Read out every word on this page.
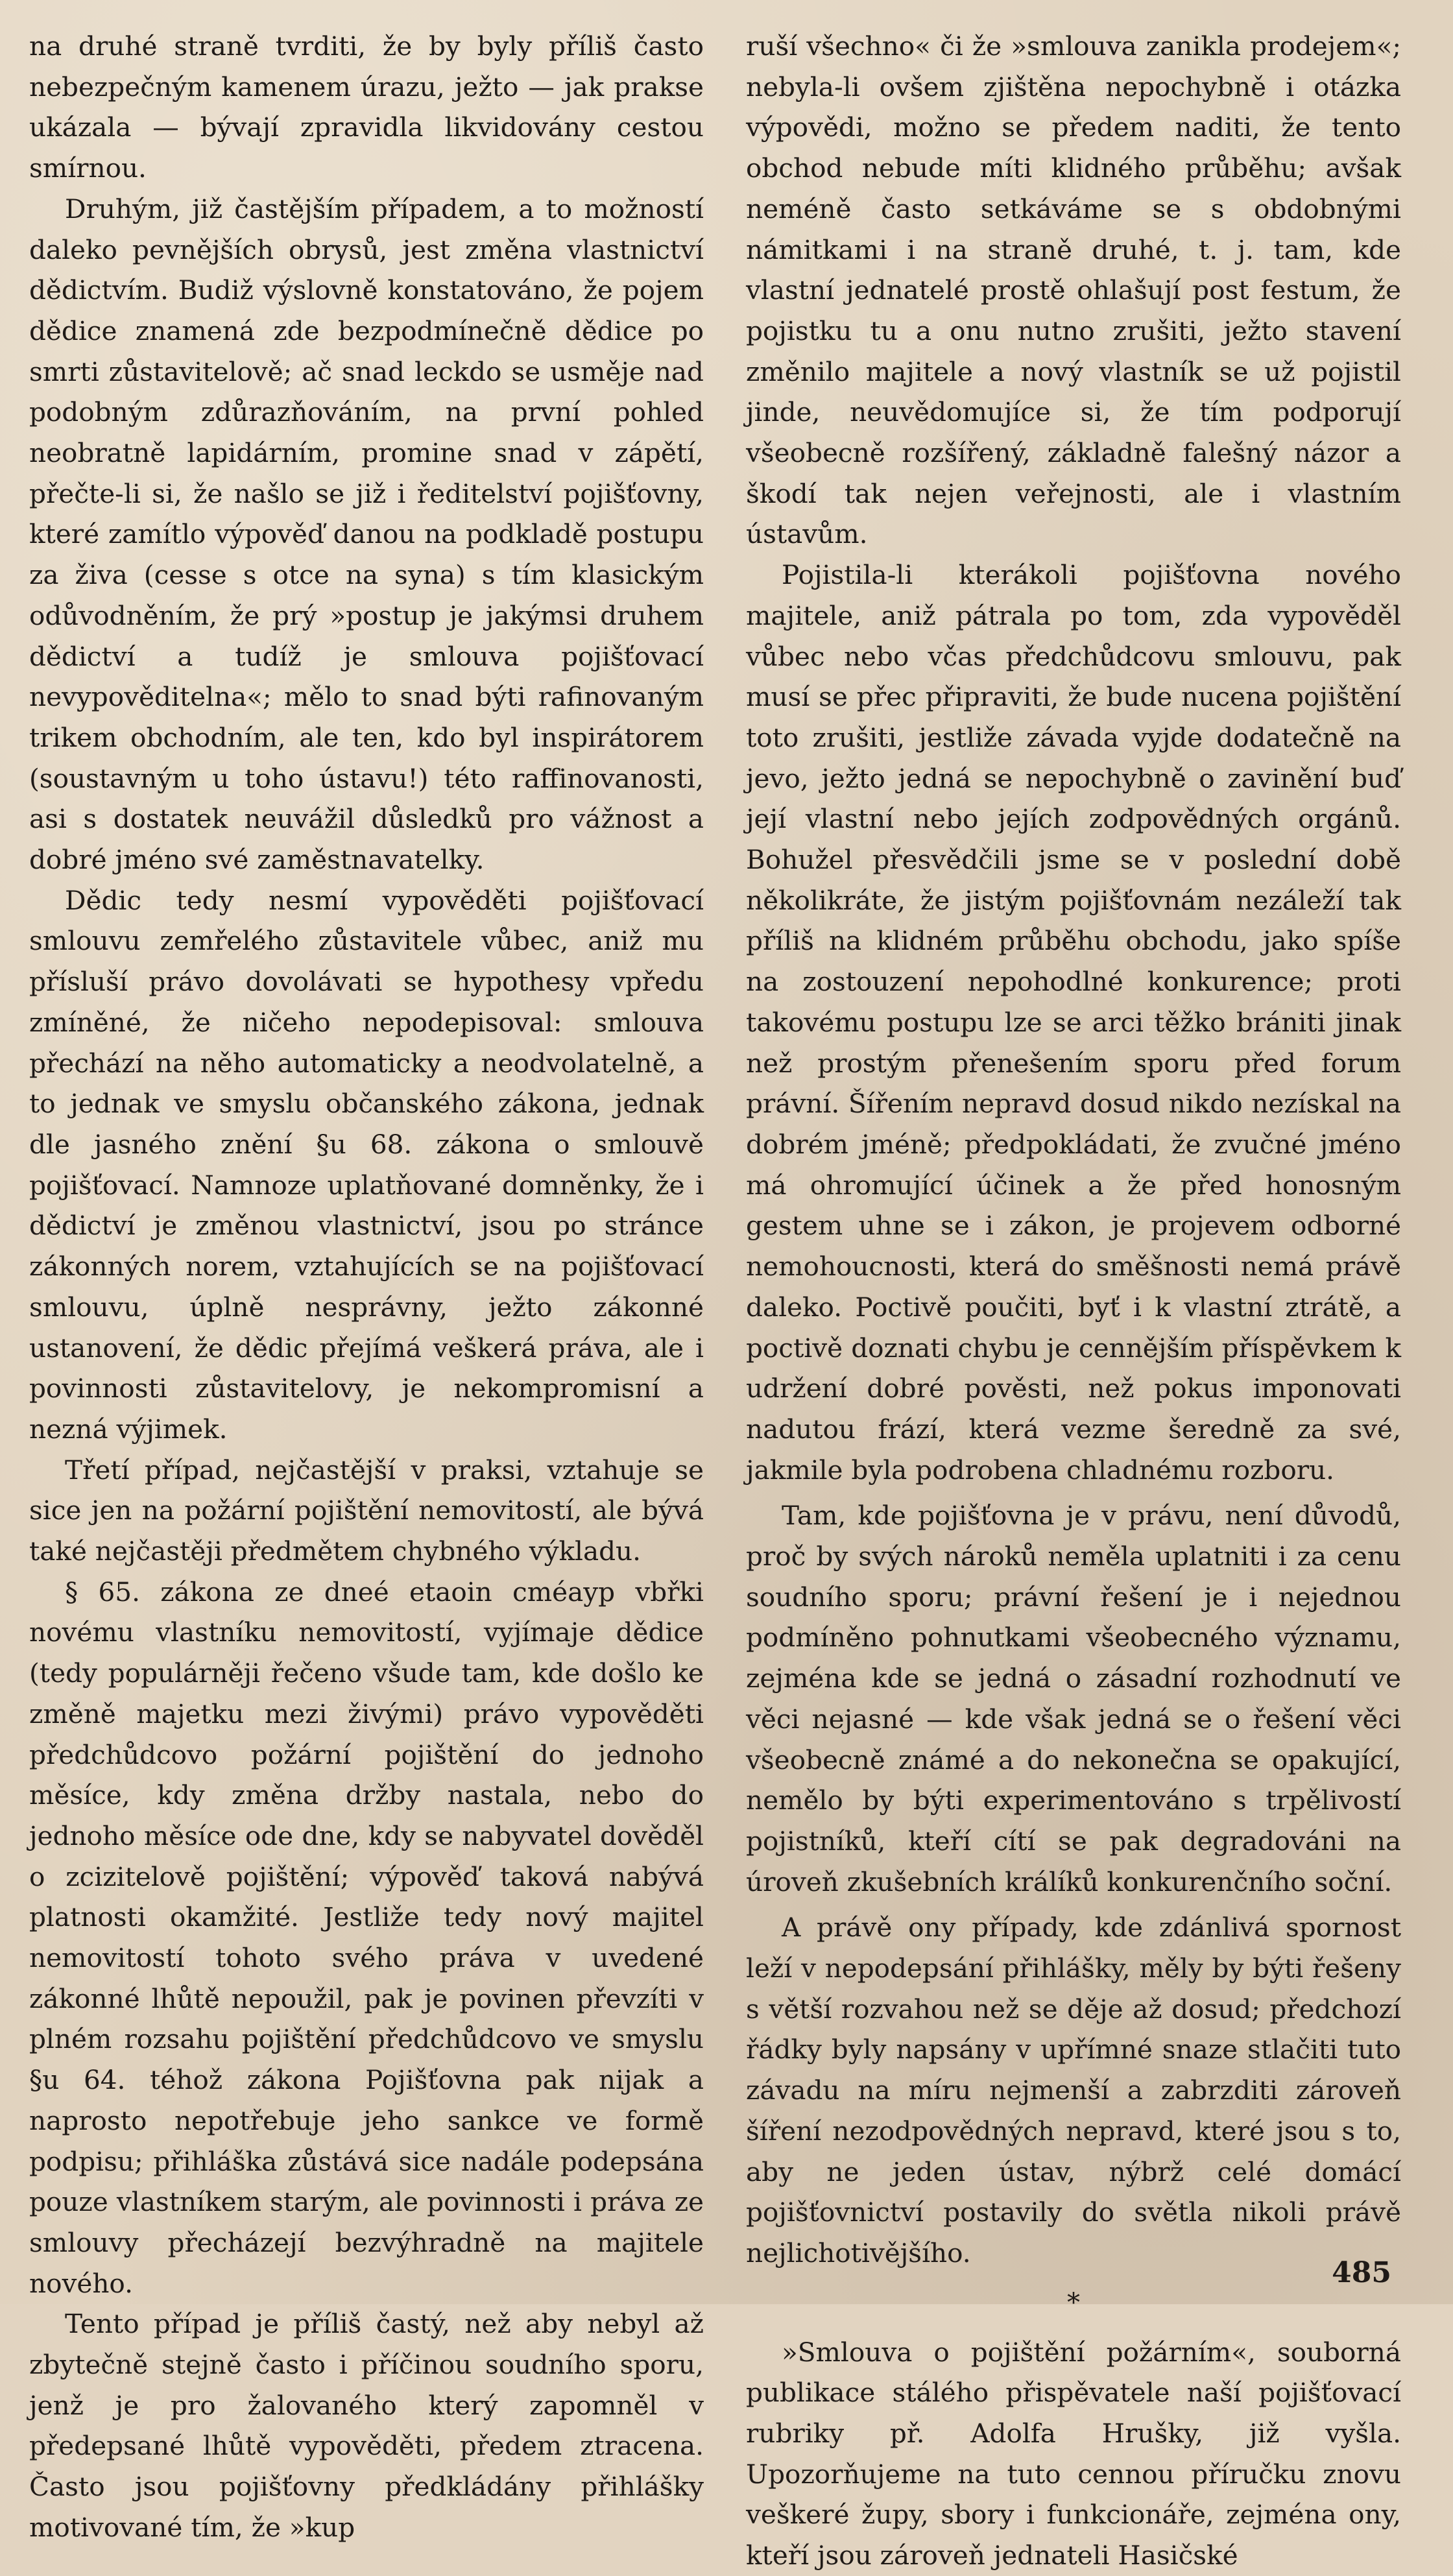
na druhé straně tvrditi, že by byly příliš často nebezpečným kamenem úrazu, ježto — jak prakse ukázala — bývají zpravidla likvidovány cestou smírnou.

Druhým, již častějším případem, a to možností daleko pevnějších obrysů, jest změna vlastnictví dědictvím. Budiž výslovně konstatováno, že pojem dědice znamená zde bezpodmínečně dědice po smrti zůstavitelově; ač snad leckdo se usměje nad podobným zdůrazňováním, na první pohled neobratně lapidárním, promine snad v zápětí, přečte-li si, že našlo se již i ředitelství pojišťovny, které zamítlo výpověď danou na podkladě postupu za živa (cesse s otce na syna) s tím klasickým odůvodněním, že prý »postup je jakýmsi druhem dědictví a tudíž je smlouva pojišťovací nevypověditelna«; mělo to snad býti rafinovaným trikem obchodním, ale ten, kdo byl inspirátorem (soustavným u toho ústavu!) této raffinovanosti, asi s dostatek neuvážil důsledků pro vážnost a dobré jméno své zaměstnavatelky.

Dědic tedy nesmí vypověděti pojišťovací smlouvu zemřelého zůstavitele vůbec, aniž mu přísluší právo dovolávati se hypothesy vpředu zmíněné, že ničeho nepodepisoval: smlouva přechází na něho automaticky a neodvolatelně, a to jednak ve smyslu občanského zákona, jednak dle jasného znění §u 68. zákona o smlouvě pojišťovací. Namnoze uplatňované domněnky, že i dědictví je změnou vlastnictví, jsou po stránce zákonných norem, vztahujících se na pojišťovací smlouvu, úplně nesprávny, ježto zákonné ustanovení, že dědic přejímá veškerá práva, ale i povinnosti zůstavitelovy, je nekompromisní a nezná výjimek.

Třetí případ, nejčastější v praksi, vztahuje se sice jen na požární pojištění nemovitostí, ale bývá také nejčastěji předmětem chybného výkladu.

§ 65. zákona ze dneé etaoin cméayp vbřki novému vlastníku nemovitostí, vyjímaje dědice (tedy populárněji řečeno všude tam, kde došlo ke změně majetku mezi živými) právo vypověděti předchůdcovo požární pojištění do jednoho měsíce, kdy změna držby nastala, nebo do jednoho měsíce ode dne, kdy se nabyvatel dověděl o zcizitelově pojištění; výpověď taková nabývá platnosti okamžité. Jestliže tedy nový majitel nemovitostí tohoto svého práva v uvedené zákonné lhůtě nepoužil, pak je povinen převzíti v plném rozsahu pojištění předchůdcovo ve smyslu §u 64. téhož zákona Pojišťovna pak nijak a naprosto nepotřebuje jeho sankce ve formě podpisu; přihláška zůstává sice nadále podepsána pouze vlastníkem starým, ale povinnosti i práva ze smlouvy přecházejí bezvýhradně na majitele nového.

Tento případ je příliš častý, než aby nebyl až zbytečně stejně často i příčinou soudního sporu, jenž je pro žalovaného který zapomněl v předepsané lhůtě vypověděti, předem ztracena. Často jsou pojišťovny předkládány přihlášky motivované tím, že »kup

ruší všechno« či že »smlouva zanikla prodejem«; nebyla-li ovšem zjištěna nepochybně i otázka výpovědi, možno se předem naditi, že tento obchod nebude míti klidného průběhu; avšak neméně často setkáváme se s obdobnými námitkami i na straně druhé, t. j. tam, kde vlastní jednatelé prostě ohlašují post festum, že pojistku tu a onu nutno zrušiti, ježto stavení změnilo majitele a nový vlastník se už pojistil jinde, neuvědomujíce si, že tím podporují všeobecně rozšířený, základně falešný názor a škodí tak nejen veřejnosti, ale i vlastním ústavům.

Pojistila-li kterákoli pojišťovna nového majitele, aniž pátrala po tom, zda vypověděl vůbec nebo včas předchůdcovu smlouvu, pak musí se přec připraviti, že bude nucena pojištění toto zrušiti, jestliže závada vyjde dodatečně na jevo, ježto jedná se nepochybně o zavinění buď její vlastní nebo jejích zodpovědných orgánů. Bohužel přesvědčili jsme se v poslední době několikráte, že jistým pojišťovnám nezáleží tak příliš na klidném průběhu obchodu, jako spíše na zostouzení nepohodlné konkurence; proti takovému postupu lze se arci těžko brániti jinak než prostým přenešením sporu před forum právní. Šířením nepravd dosud nikdo nezískal na dobrém jméně; předpokládati, že zvučné jméno má ohromující účinek a že před honosným gestem uhne se i zákon, je projevem odborné nemohoucnosti, která do směšnosti nemá právě daleko. Poctivě poučiti, byť i k vlastní ztrátě, a poctivě doznati chybu je cennějším příspěvkem k udržení dobré pověsti, než pokus imponovati nadutou frází, která vezme šeredně za své, jakmile byla podrobena chladnému rozboru.

Tam, kde pojišťovna je v právu, není důvodů, proč by svých nároků neměla uplatniti i za cenu soudního sporu; právní řešení je i nejednou podmíněno pohnutkami všeobecného významu, zejména kde se jedná o zásadní rozhodnutí ve věci nejasné — kde však jedná se o řešení věci všeobecně známé a do nekonečna se opakující, nemělo by býti experimentováno s trpělivostí pojistníků, kteří cítí se pak degradováni na úroveň zkušebních králíků konkurenčního soční.

A právě ony případy, kde zdánlivá spornost leží v nepodepsání přihlášky, měly by býti řešeny s větší rozvahou než se děje až dosud; předchozí řádky byly napsány v upřímné snaze stlačiti tuto závadu na míru nejmenší a zabrzditi zároveň šíření nezodpovědných nepravd, které jsou s to, aby ne jeden ústav, nýbrž celé domácí pojišťovnictví postavily do světla nikoli právě nejlichotivějšího.

*

»Smlouva o pojištění požárním«, souborná publikace stálého přispěvatele naší pojišťovací rubriky př. Adolfa Hrušky, již vyšla. Upozorňujeme na tuto cennou příručku znovu veškeré župy, sbory i funkcionáře, zejména ony, kteří jsou zároveň jednateli Hasičské

485
